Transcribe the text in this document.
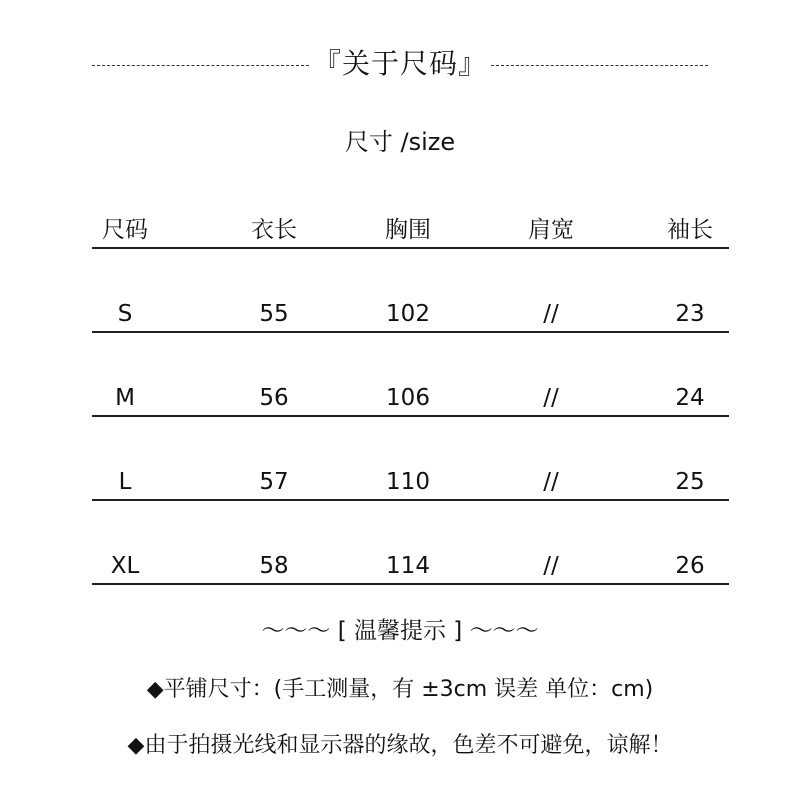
『关于尺码』
尺寸 /size
尺码	衣长	胸围	肩宽	袖长
S	55	102	//	23
M	56	106	//	24
L	57	110	//	25
XL	58	114	//	26
～～～ [ 温馨提示 ] ～～～
◆平铺尺寸：(手工测量，有 ±3cm 误差 单位：cm)
◆由于拍摄光线和显示器的缘故，色差不可避免，谅解！
